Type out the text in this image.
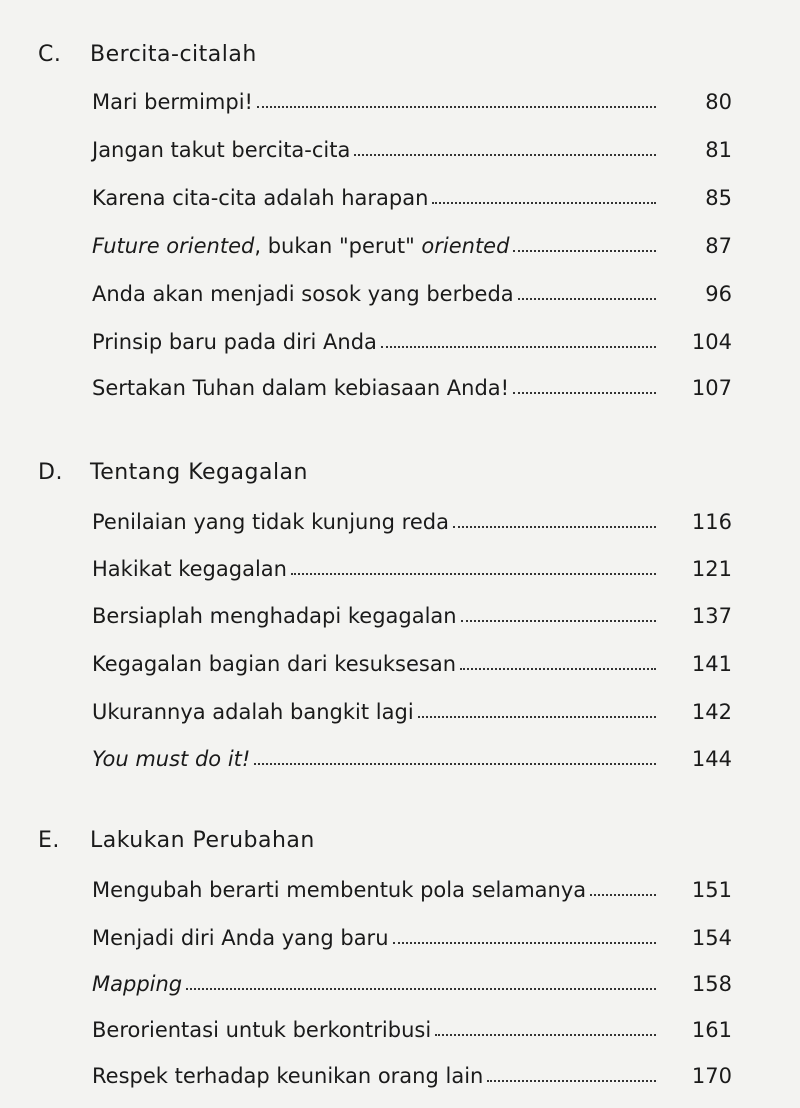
C.	Bercita-citalah
Mari bermimpi!	80
Jangan takut bercita-cita	81
Karena cita-cita adalah harapan	85
Future oriented, bukan "perut" oriented	87
Anda akan menjadi sosok yang berbeda	96
Prinsip baru pada diri Anda	104
Sertakan Tuhan dalam kebiasaan Anda!	107
D.	Tentang Kegagalan
Penilaian yang tidak kunjung reda	116
Hakikat kegagalan	121
Bersiaplah menghadapi kegagalan	137
Kegagalan bagian dari kesuksesan	141
Ukurannya adalah bangkit lagi	142
You must do it!	144
E.	Lakukan Perubahan
Mengubah berarti membentuk pola selamanya	151
Menjadi diri Anda yang baru	154
Mapping	158
Berorientasi untuk berkontribusi	161
Respek terhadap keunikan orang lain	170
